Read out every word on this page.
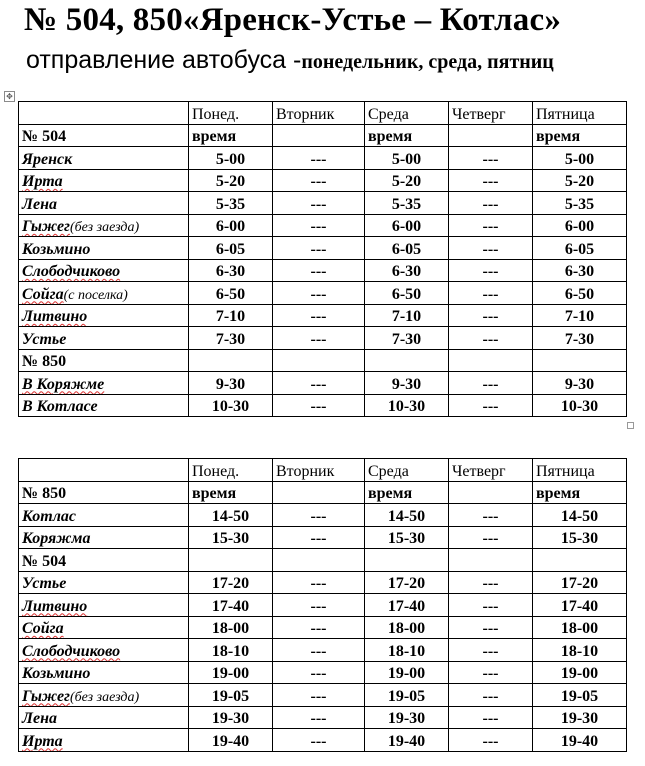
№ 504, 850«Яренск-Устье – Котлас»
отправление автобуса -понедельник, среда, пятниц
✥
	Понед.	Вторник	Среда	Четверг	Пятница
№ 504	время		время		время
Яренск	5-00	---	5-00	---	5-00
Ирта	5-20	---	5-20	---	5-20
Лена	5-35	---	5-35	---	5-35
Гыжег(без заезда)	6-00	---	6-00	---	6-00
Козьмино	6-05	---	6-05	---	6-05
Слободчиково	6-30	---	6-30	---	6-30
Сойга(с поселка)	6-50	---	6-50	---	6-50
Литвино	7-10	---	7-10	---	7-10
Устье	7-30	---	7-30	---	7-30
№ 850					
В Коряжме	9-30	---	9-30	---	9-30
В Котласе	10-30	---	10-30	---	10-30
	Понед.	Вторник	Среда	Четверг	Пятница
№ 850	время		время		время
Котлас	14-50	---	14-50	---	14-50
Коряжма	15-30	---	15-30	---	15-30
№ 504					
Устье	17-20	---	17-20	---	17-20
Литвино	17-40	---	17-40	---	17-40
Сойга	18-00	---	18-00	---	18-00
Слободчиково	18-10	---	18-10	---	18-10
Козьмино	19-00	---	19-00	---	19-00
Гыжег(без заезда)	19-05	---	19-05	---	19-05
Лена	19-30	---	19-30	---	19-30
Ирта	19-40	---	19-40	---	19-40
